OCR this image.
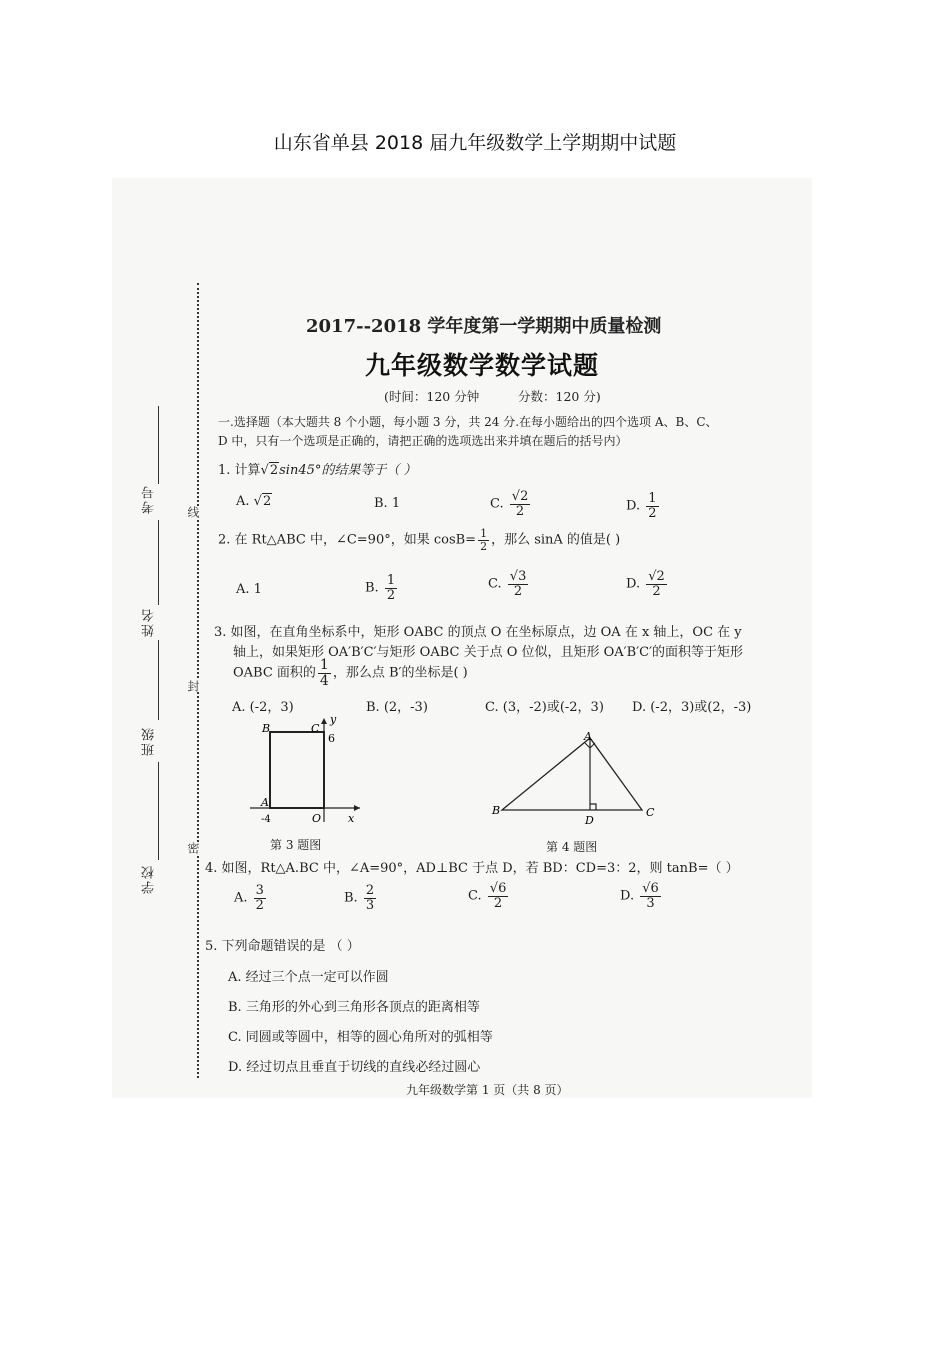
山东省单县 2018 届九年级数学上学期期中试题
考号
姓名
班级
学校
线
封
密
2017--2018 学年度第一学期期中质量检测
九年级数学数学试题
(时间：120 分钟	分数：120 分)
一.选择题（本大题共 8 个小题，每小题 3 分，共 24 分.在每小题给出的四个选项 A、B、C、
D 中，只有一个选项是正确的，请把正确的选项选出来并填在题后的括号内）
1. 计算√2sin45°的结果等于（ ）
A. √2	B. 1	C. $\frac{√2}{2}$	D. $\frac{1}{2}$
2. 在 Rt△ABC 中，∠C=90°，如果 $\cos B= \frac{1}{2}$ ，那么 sinA 的值是( )
A. 1	B. $\frac{1}{2}$	C. $\frac{√3}{2}$	D. $\frac{√2}{2}$
3. 如图，在直角坐标系中，矩形 OABC 的顶点 O 在坐标原点，边 OA 在 x 轴上，OC 在 y
轴上，如果矩形 OA′B′C′与矩形 OABC 关于点 O 位似，且矩形 OA′B′C′的面积等于矩形
OABC 面积的 $\frac{1}{4}$ ，那么点 B′的坐标是( )
A. (-2，3)	B. (2，-3)	C. (3，-2)或(-2，3) D. (-2，3)或(2，-3)
B	C
y
6
A
-4	O x
第 3 题图
A
B	C
D
第 4 题图
4. 如图，Rt△A.BC 中，∠A=90°，AD⊥BC 于点 D，若 BD：CD=3：2，则 tanB=（ ）
A. $\frac{3}{2}$	B. $\frac{2}{3}$	C. $\frac{√6}{2}$	D. $\frac{√6}{3}$
5. 下列命题错误的是 （ ）
A. 经过三个点一定可以作圆
B. 三角形的外心到三角形各顶点的距离相等
C. 同圆或等圆中，相等的圆心角所对的弧相等
D. 经过切点且垂直于切线的直线必经过圆心
九年级数学第 1 页（共 8 页）
